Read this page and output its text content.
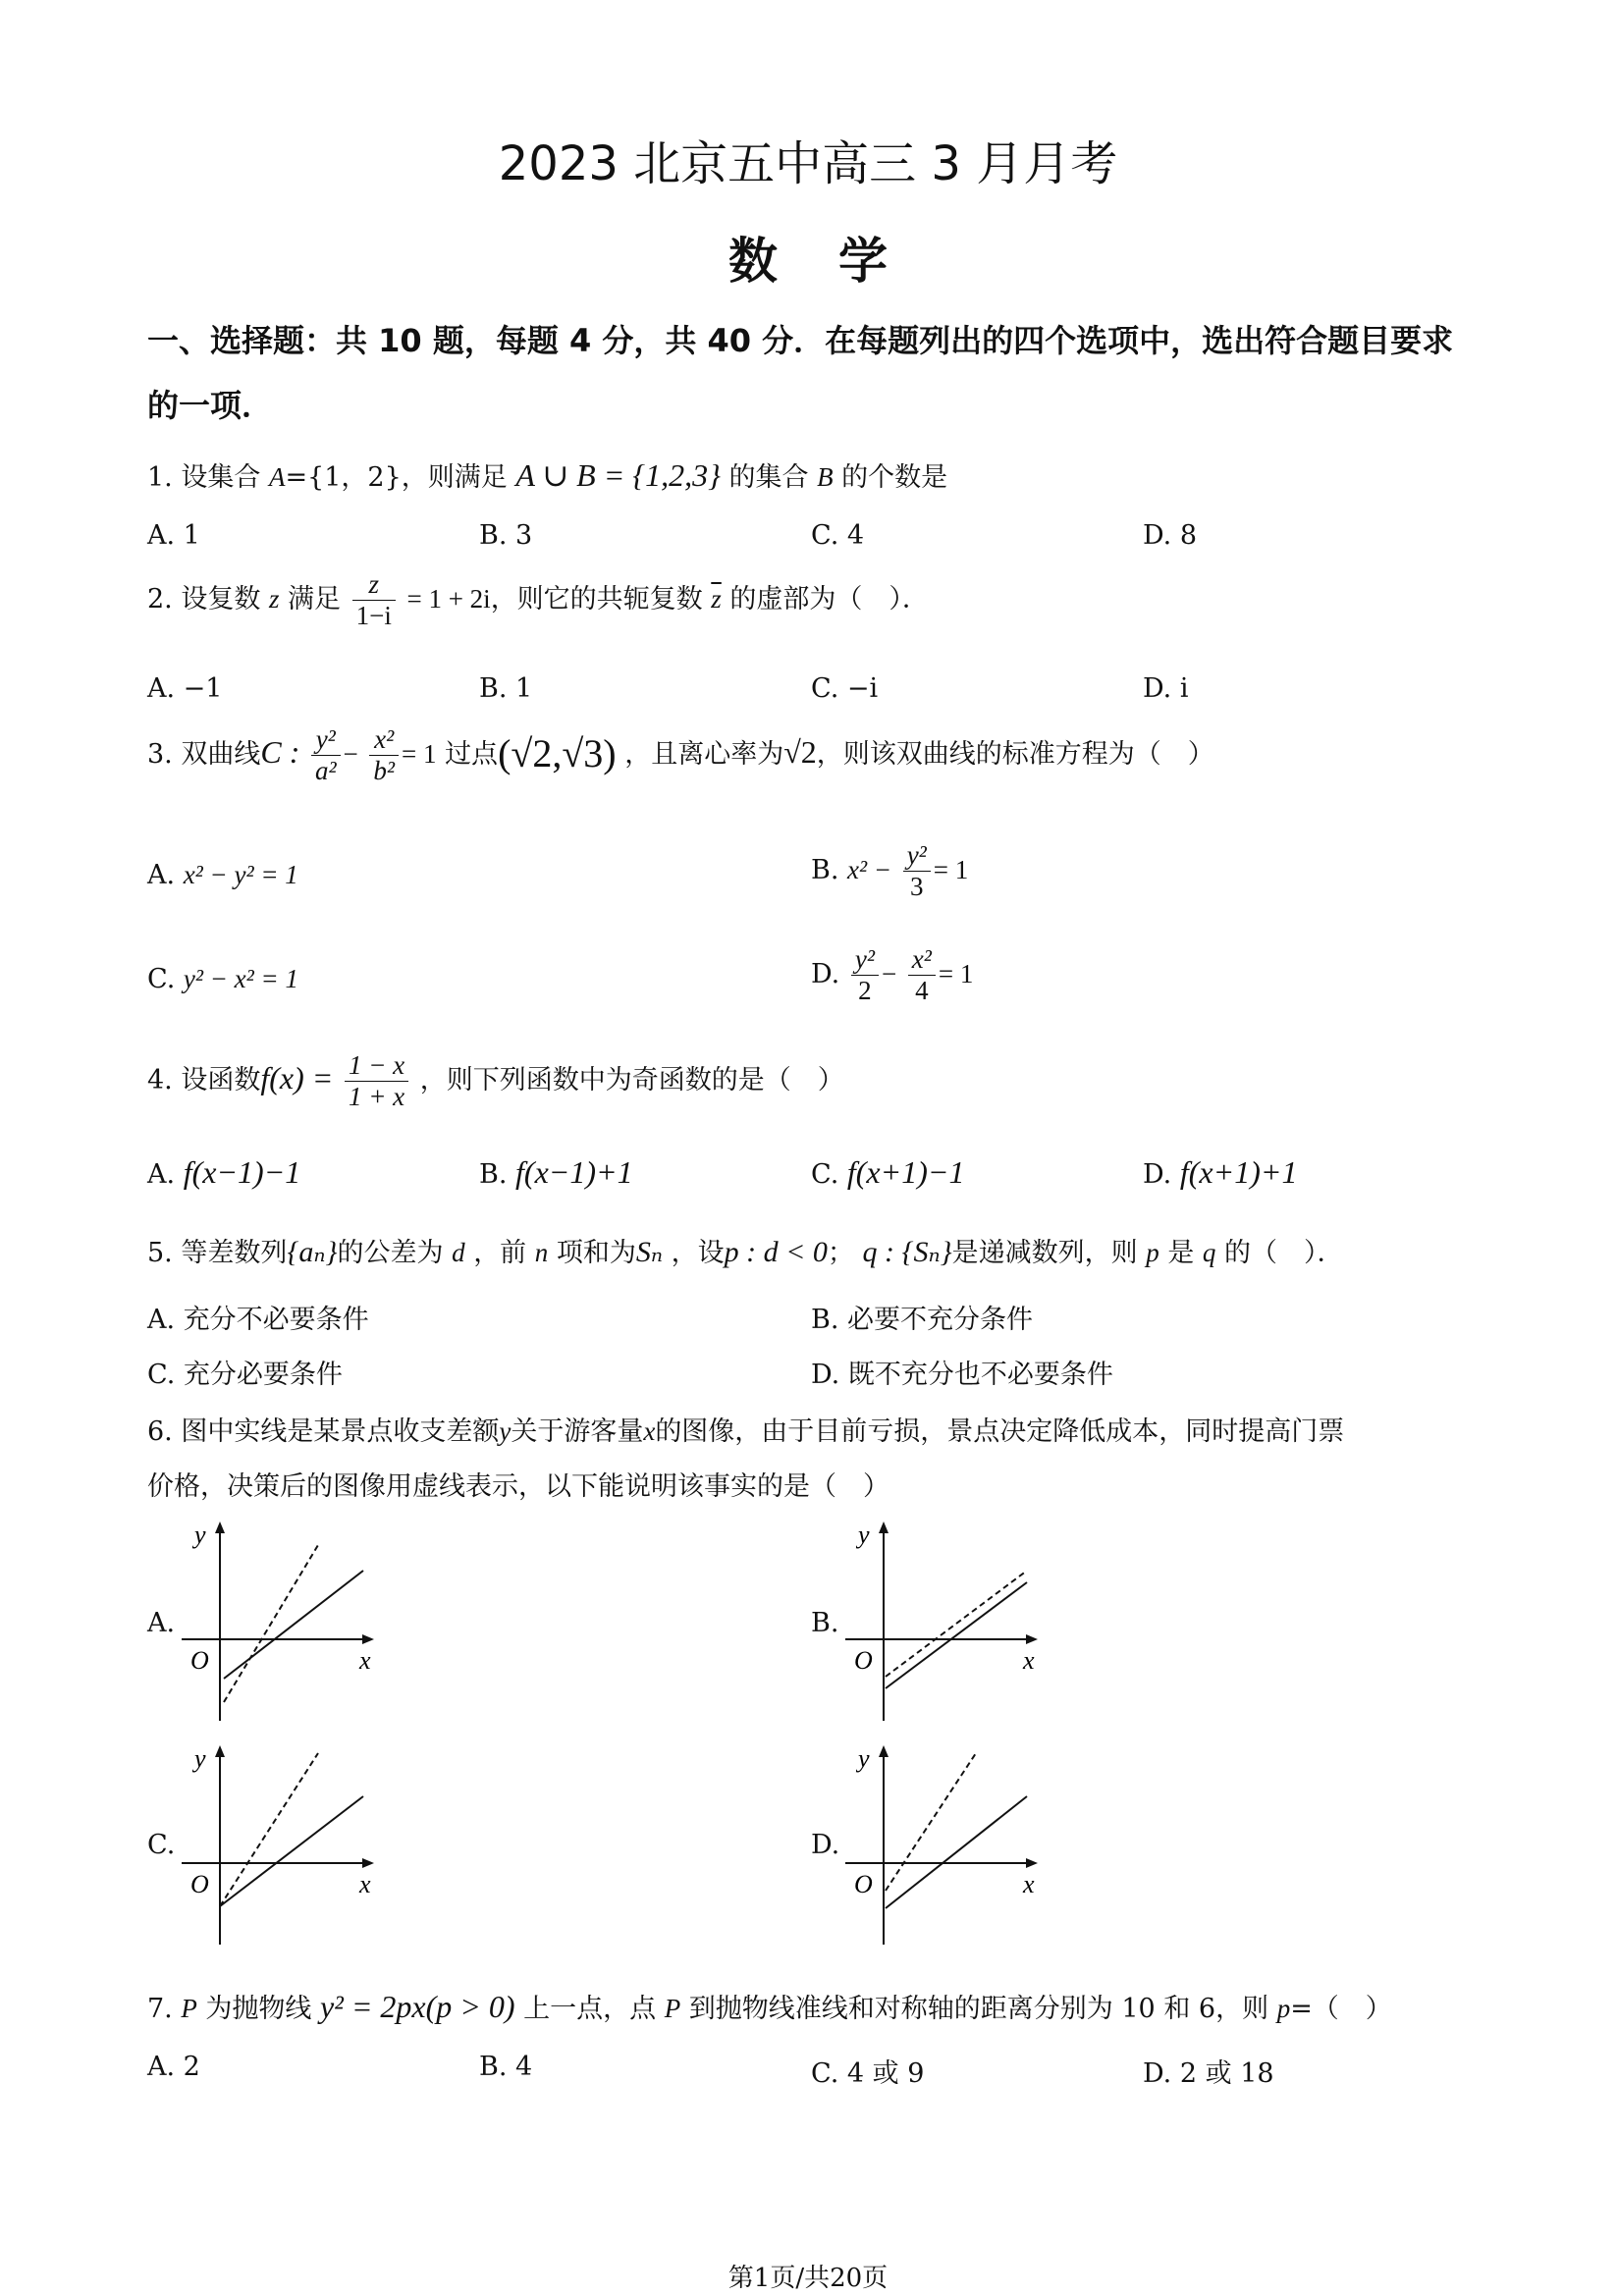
2023 北京五中高三 3 月月考
数学
一、选择题：共 10 题，每题 4 分，共 40 分．在每题列出的四个选项中，选出符合题目要求
的一项．
1. 设集合 A={1，2}，则满足 A ∪ B = {1,2,3} 的集合 B 的个数是
A. 1	B. 3	C. 4	D. 8
2. 设复数 z 满足 $\frac{z}{1-i} = 1 + 2i$，则它的共轭复数 $\overline{z}$ 的虚部为（　）．
A. −1	B. 1	C. −i	D. i
3. 双曲线C : $\frac{\text{y²}}{\text{a²}} - \frac{\text{x²}}{\text{b²}} = 1$ 过点(√2,√3) ，且离心率为√2，则该双曲线的标准方程为（　）
A. x² − y² = 1	B. $x^2 - \frac{\text{y²}}{3} = 1$
C. y² − x² = 1	D. $\frac{\text{y²}}{2} - \frac{\text{x²}}{4} = 1$
4. 设函数$f(x) = \frac{1 - x}{1 + x}$ ，则下列函数中为奇函数的是（　）
A. f(x−1)−1	B. f(x−1)+1	C. f(x+1)−1	D. f(x+1)+1
5. 等差数列{aₙ}的公差为 d ，前 n 项和为Sₙ ，设p : d < 0； q : {Sₙ}是递减数列，则 p 是 q 的（　）．
A. 充分不必要条件	B. 必要不充分条件
C. 充分必要条件	D. 既不充分也不必要条件
6. 图中实线是某景点收支差额y关于游客量x的图像，由于目前亏损，景点决定降低成本，同时提高门票
价格，决策后的图像用虚线表示，以下能说明该事实的是（　）
A.	B.
C.	D.
y
x
O
y
x
O
y
x
O
y
x
O
7. P 为抛物线 y² = 2px(p > 0) 上一点，点 P 到抛物线准线和对称轴的距离分别为 10 和 6，则 p=（　）
A. 2	B. 4	C. 4 或 9	D. 2 或 18
第1页/共20页
